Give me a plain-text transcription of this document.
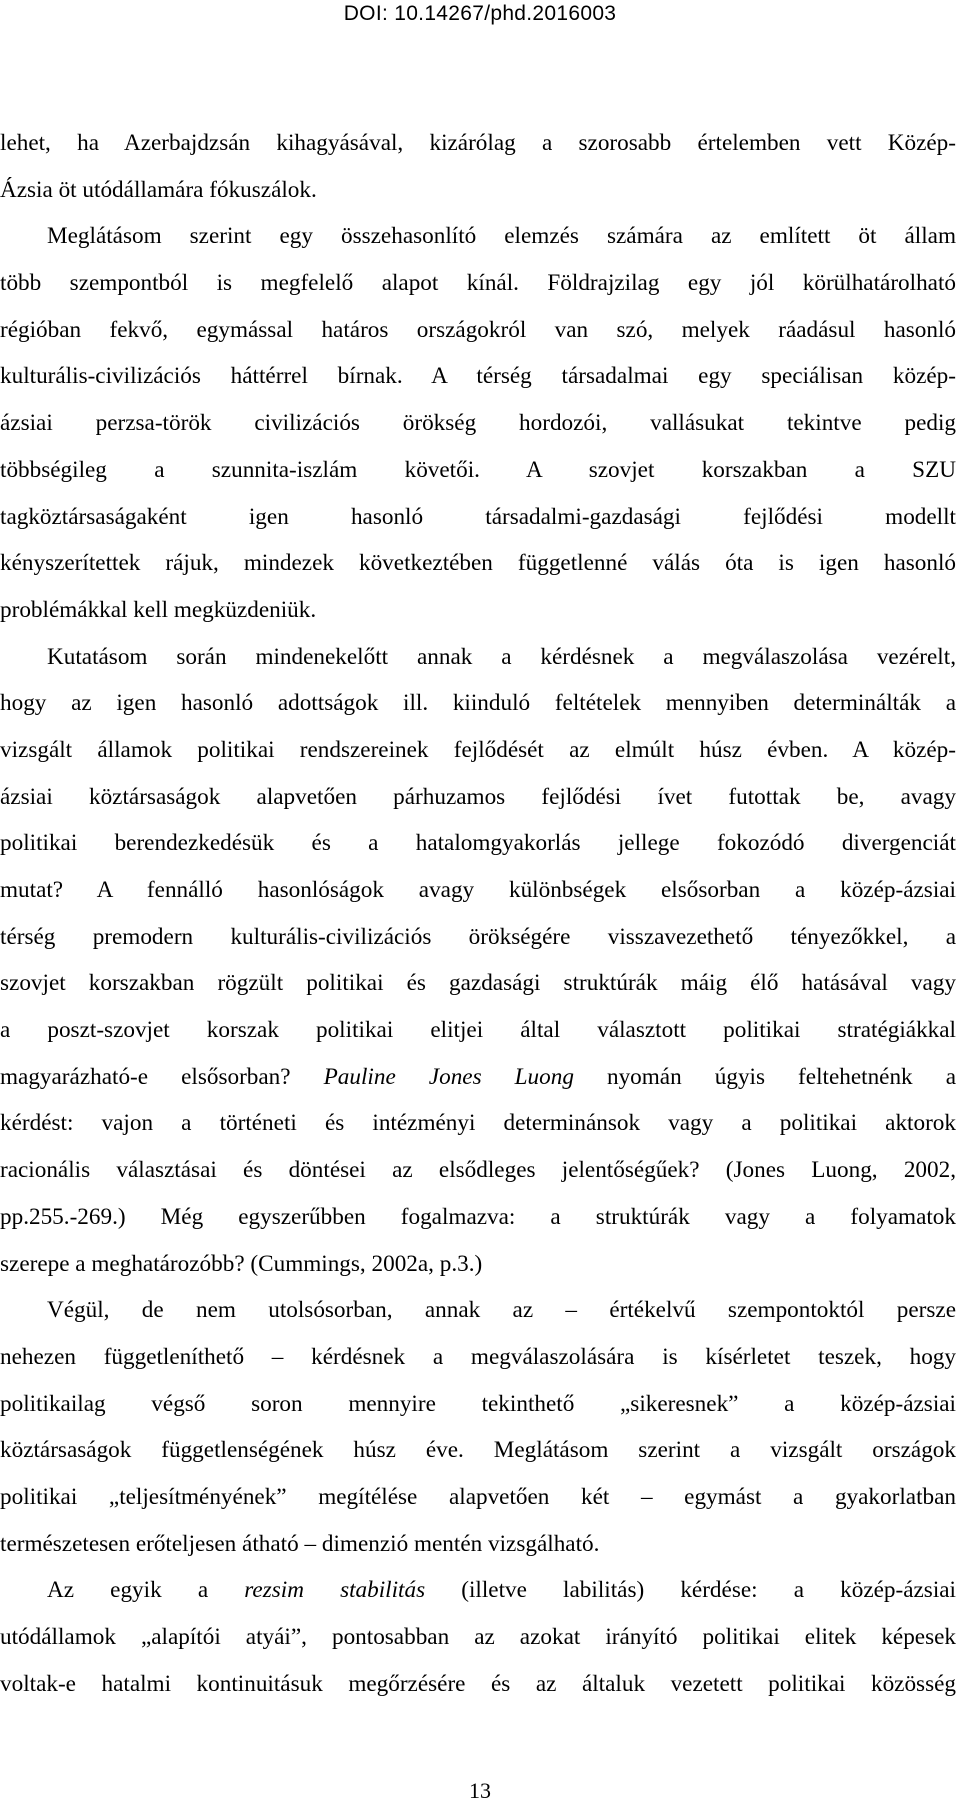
DOI: 10.14267/phd.2016003
lehet, ha Azerbajdzsán kihagyásával, kizárólag a szorosabb értelemben vett Közép-
Ázsia öt utódállamára fókuszálok.
Meglátásom szerint egy összehasonlító elemzés számára az említett öt állam
több szempontból is megfelelő alapot kínál. Földrajzilag egy jól körülhatárolható
régióban fekvő, egymással határos országokról van szó, melyek ráadásul hasonló
kulturális-civilizációs háttérrel bírnak. A térség társadalmai egy speciálisan közép-
ázsiai perzsa-török civilizációs örökség hordozói, vallásukat tekintve pedig
többségileg a szunnita-iszlám követői. A szovjet korszakban a SZU
tagköztársaságaként igen hasonló társadalmi-gazdasági fejlődési modellt
kényszerítettek rájuk, mindezek következtében függetlenné válás óta is igen hasonló
problémákkal kell megküzdeniük.
Kutatásom során mindenekelőtt annak a kérdésnek a megválaszolása vezérelt,
hogy az igen hasonló adottságok ill. kiinduló feltételek mennyiben determinálták a
vizsgált államok politikai rendszereinek fejlődését az elmúlt húsz évben. A közép-
ázsiai köztársaságok alapvetően párhuzamos fejlődési ívet futottak be, avagy
politikai berendezkedésük és a hatalomgyakorlás jellege fokozódó divergenciát
mutat? A fennálló hasonlóságok avagy különbségek elsősorban a közép-ázsiai
térség premodern kulturális-civilizációs örökségére visszavezethető tényezőkkel, a
szovjet korszakban rögzült politikai és gazdasági struktúrák máig élő hatásával vagy
a poszt-szovjet korszak politikai elitjei által választott politikai stratégiákkal
magyarázható-e elsősorban? Pauline Jones Luong nyomán úgyis feltehetnénk a
kérdést: vajon a történeti és intézményi determinánsok vagy a politikai aktorok
racionális választásai és döntései az elsődleges jelentőségűek? (Jones Luong, 2002,
pp.255.-269.) Még egyszerűbben fogalmazva: a struktúrák vagy a folyamatok
szerepe a meghatározóbb? (Cummings, 2002a, p.3.)
Végül, de nem utolsósorban, annak az – értékelvű szempontoktól persze
nehezen függetleníthető – kérdésnek a megválaszolására is kísérletet teszek, hogy
politikailag végső soron mennyire tekinthető „sikeresnek” a közép-ázsiai
köztársaságok függetlenségének húsz éve. Meglátásom szerint a vizsgált országok
politikai „teljesítményének” megítélése alapvetően két – egymást a gyakorlatban
természetesen erőteljesen átható – dimenzió mentén vizsgálható.
Az egyik a rezsim stabilitás (illetve labilitás) kérdése: a közép-ázsiai
utódállamok „alapítói atyái”, pontosabban az azokat irányító politikai elitek képesek
voltak-e hatalmi kontinuitásuk megőrzésére és az általuk vezetett politikai közösség
13
